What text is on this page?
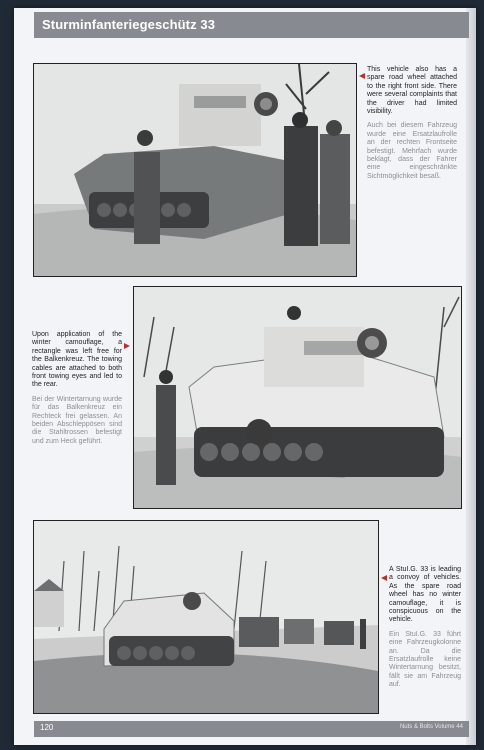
Sturminfanteriegeschütz 33

This vehicle also has a spare road wheel attached to the right front side. There were several complaints that the driver had limited visibility.

Auch bei diesem Fahrzeug wurde eine Ersatzlaufrolle an der rechten Frontseite befestigt. Mehrfach wurde beklagt, dass der Fahrer eine eingeschränkte Sichtmöglichkeit besaß.

Upon application of the winter camouflage, a rectangle was left free for the Balkenkreuz. The towing cables are attached to both front towing eyes and led to the rear.

Bei der Wintertarnung wurde für das Balkenkreuz ein Rechteck frei gelassen. An beiden Abschleppösen sind die Stahltrossen befestigt und zum Heck geführt.

A StuI.G. 33 is leading a convoy of vehicles. As the spare road wheel has no winter camouflage, it is conspicuous on the vehicle.

Ein StuI.G. 33 führt eine Fahrzeugkolonne an. Da die Ersatzlaufrolle keine Wintertarnung besitzt, fällt sie am Fahrzeug auf.

120	Nuts & Bolts Volume 44
